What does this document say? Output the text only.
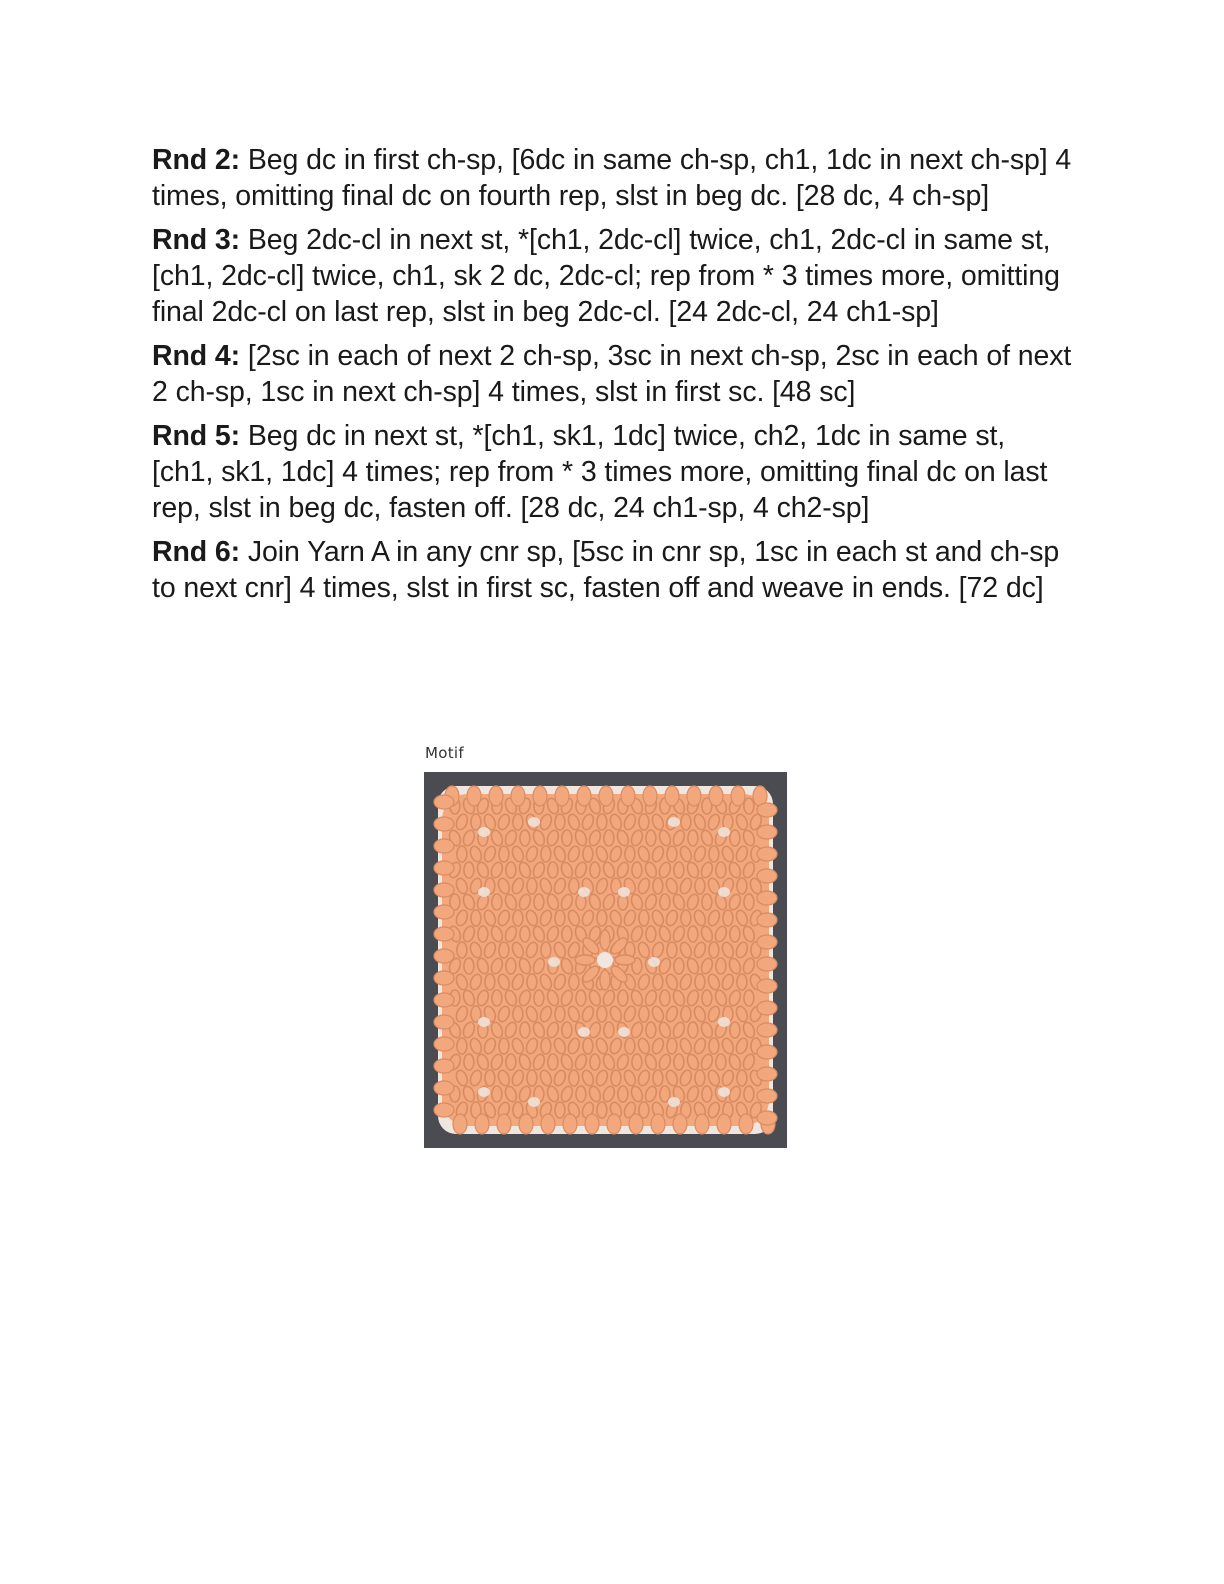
Rnd 2: Beg dc in first ch-sp, [6dc in same ch-sp, ch1, 1dc in next ch-sp] 4 times, omitting final dc on fourth rep, slst in beg dc. [28 dc, 4 ch-sp]

Rnd 3: Beg 2dc-cl in next st, *[ch1, 2dc-cl] twice, ch1, 2dc-cl in same st, [ch1, 2dc-cl] twice, ch1, sk 2 dc, 2dc-cl; rep from * 3 times more, omitting final 2dc-cl on last rep, slst in beg 2dc-cl. [24 2dc-cl, 24 ch1-sp]

Rnd 4: [2sc in each of next 2 ch-sp, 3sc in next ch-sp, 2sc in each of next 2 ch-sp, 1sc in next ch-sp] 4 times, slst in first sc. [48 sc]

Rnd 5: Beg dc in next st, *[ch1, sk1, 1dc] twice, ch2, 1dc in same st, [ch1, sk1, 1dc] 4 times; rep from * 3 times more, omitting final dc on last rep, slst in beg dc, fasten off. [28 dc, 24 ch1-sp, 4 ch2-sp]

Rnd 6: Join Yarn A in any cnr sp, [5sc in cnr sp, 1sc in each st and ch-sp to next cnr] 4 times, slst in first sc, fasten off and weave in ends. [72 dc]

Motif
